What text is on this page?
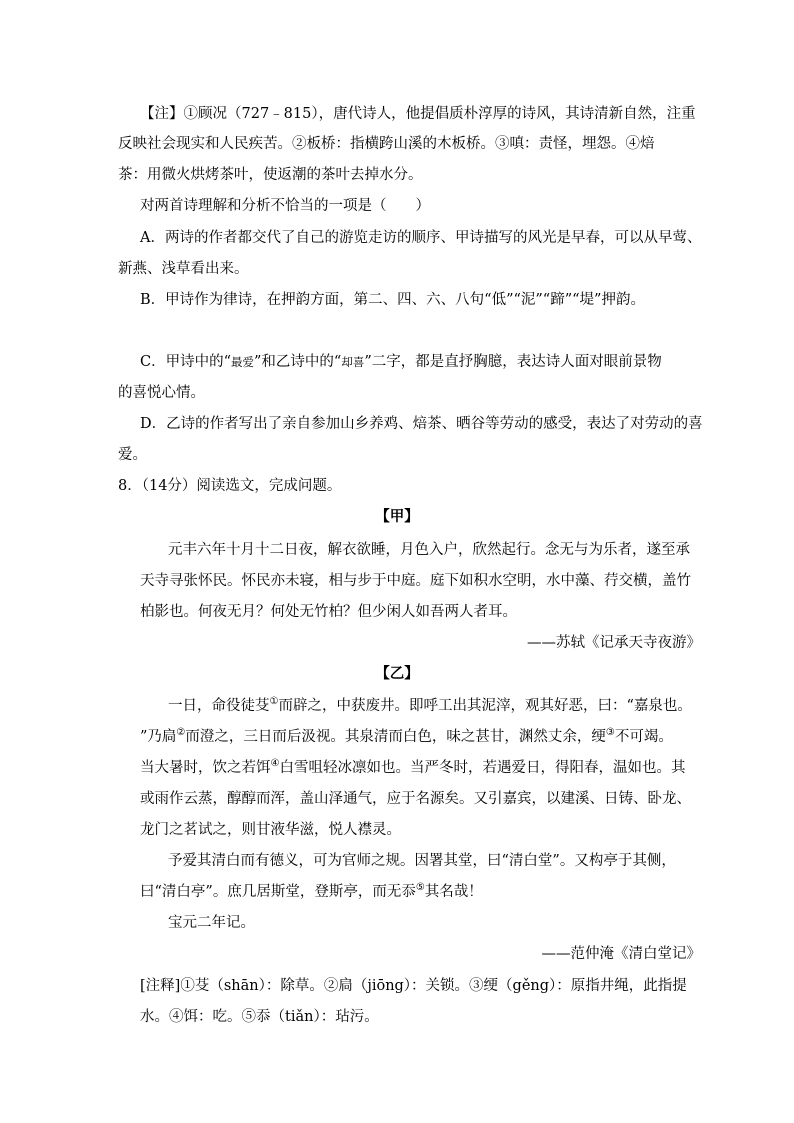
【注】①顾况（727﹣815），唐代诗人，他提倡质朴淳厚的诗风，其诗清新自然，注重
反映社会现实和人民疾苦。②板桥：指横跨山溪的木板桥。③嗔：责怪，埋怨。④焙
茶：用微火烘烤茶叶，使返潮的茶叶去掉水分。
对两首诗理解和分析不恰当的一项是（　　）
A．两诗的作者都交代了自己的游览走访的顺序、甲诗描写的风光是早春，可以从早莺、
新燕、浅草看出来。
B．甲诗作为律诗，在押韵方面，第二、四、六、八句“低”“泥”“蹄”“堤”押韵。
C．甲诗中的“最爱”和乙诗中的“却喜”二字，都是直抒胸臆，表达诗人面对眼前景物
的喜悦心情。
D．乙诗的作者写出了亲自参加山乡养鸡、焙茶、晒谷等劳动的感受，表达了对劳动的喜
爱。
8．（14分）阅读选文，完成问题。
【甲】
元丰六年十月十二日夜，解衣欲睡，月色入户，欣然起行。念无与为乐者，遂至承
天寺寻张怀民。怀民亦未寝，相与步于中庭。庭下如积水空明，水中藻、荇交横，盖竹
柏影也。何夜无月？何处无竹柏？但少闲人如吾两人者耳。
——苏轼《记承天寺夜游》
【乙】
一日，命役徒芟①而辟之，中获废井。即呼工出其泥滓，观其好恶，曰：“嘉泉也。
”乃扃②而澄之，三日而后汲视。其泉清而白色，味之甚甘，渊然丈余，绠③不可竭。
当大暑时，饮之若饵④白雪咀轻冰凛如也。当严冬时，若遇爱日，得阳春，温如也。其
或雨作云蒸，醇醇而浑，盖山泽通气，应于名源矣。又引嘉宾，以建溪、日铸、卧龙、
龙门之茗试之，则甘液华滋，悦人襟灵。
予爱其清白而有德义，可为官师之规。因署其堂，曰“清白堂”。又构亭于其侧，
曰“清白亭”。庶几居斯堂，登斯亭，而无忝⑤其名哉！
宝元二年记。
——范仲淹《清白堂记》
[注释]①芟（shān）：除草。②扃（jiōng）：关锁。③绠（gěng）：原指井绳，此指提
水。④饵：吃。⑤忝（tiǎn）：玷污。
